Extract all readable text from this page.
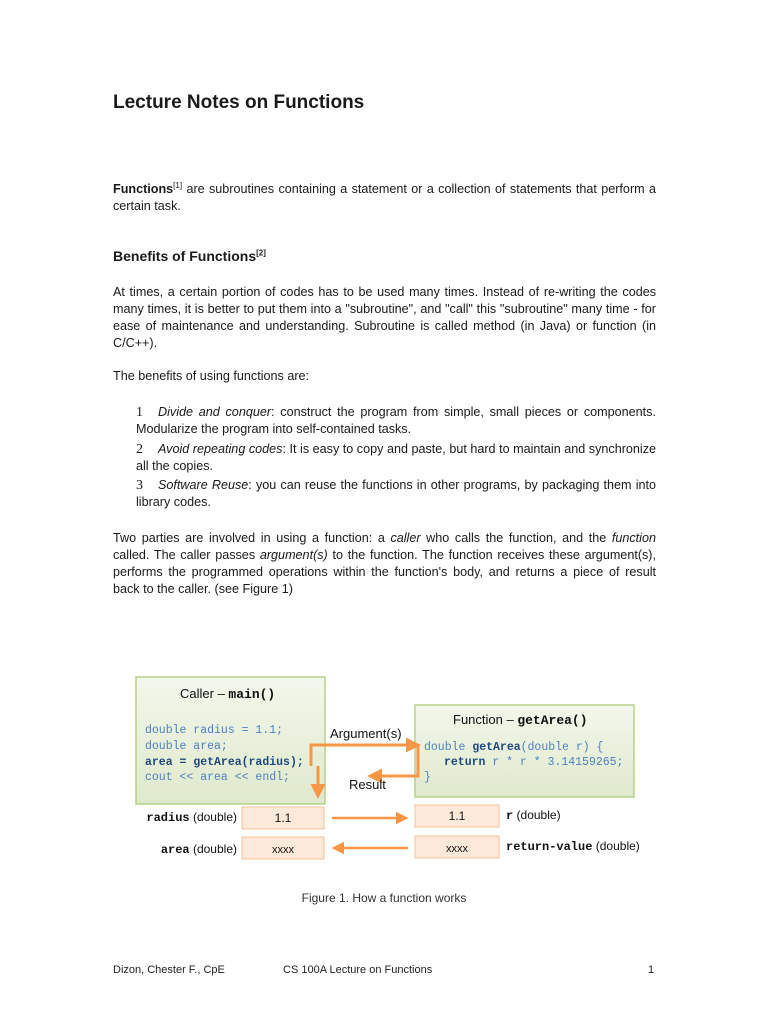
Lecture Notes on Functions

Functions[1] are subroutines containing a statement or a collection of statements that perform a certain task.

Benefits of Functions[2]

At times, a certain portion of codes has to be used many times. Instead of re-writing the codes many times, it is better to put them into a "subroutine", and "call" this "subroutine" many time - for ease of maintenance and understanding. Subroutine is called method (in Java) or function (in C/C++).

The benefits of using functions are:

1 Divide and conquer: construct the program from simple, small pieces or components. Modularize the program into self-contained tasks.
2 Avoid repeating codes: It is easy to copy and paste, but hard to maintain and synchronize all the copies.
3 Software Reuse: you can reuse the functions in other programs, by packaging them into library codes.

Two parties are involved in using a function: a caller who calls the function, and the function called. The caller passes argument(s) to the function. The function receives these argument(s), performs the programmed operations within the function's body, and returns a piece of result back to the caller. (see Figure 1)

Caller – main()
double radius = 1.1;
double area;
area = getArea(radius);
cout << area << endl;
Function – getArea()
double getArea(double r) {
return r * r * 3.14159265;
}
Argument(s)
Result
radius (double)	1.1	1.1	r (double)
area (double)	xxxx	xxxx	return-value (double)
Figure 1. How a function works
Dizon, Chester F., CpE	CS 100A Lecture on Functions	1
